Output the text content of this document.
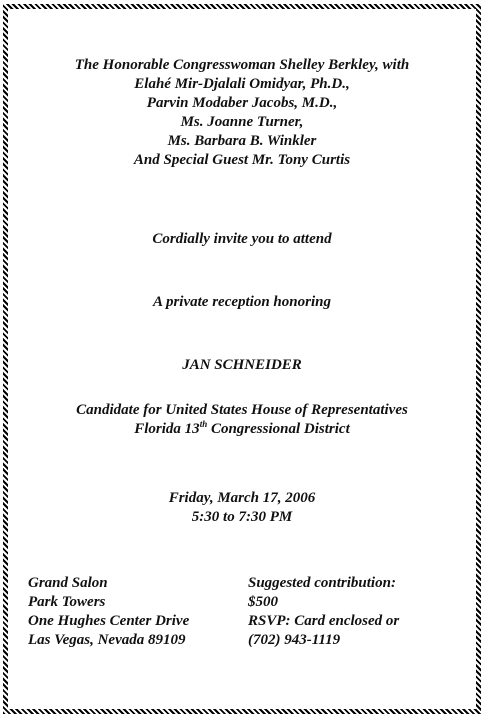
The Honorable Congresswoman Shelley Berkley, with
Elahé Mir-Djalali Omidyar, Ph.D.,
Parvin Modaber Jacobs, M.D.,
Ms. Joanne Turner,
Ms. Barbara B. Winkler
And Special Guest Mr. Tony Curtis

Cordially invite you to attend

A private reception honoring

JAN SCHNEIDER

Candidate for United States House of Representatives
Florida 13th Congressional District
Friday, March 17, 2006
5:30 to 7:30 PM
Grand Salon
Park Towers
One Hughes Center Drive
Las Vegas, Nevada 89109
Suggested contribution:
$500
RSVP: Card enclosed or
(702) 943-1119
